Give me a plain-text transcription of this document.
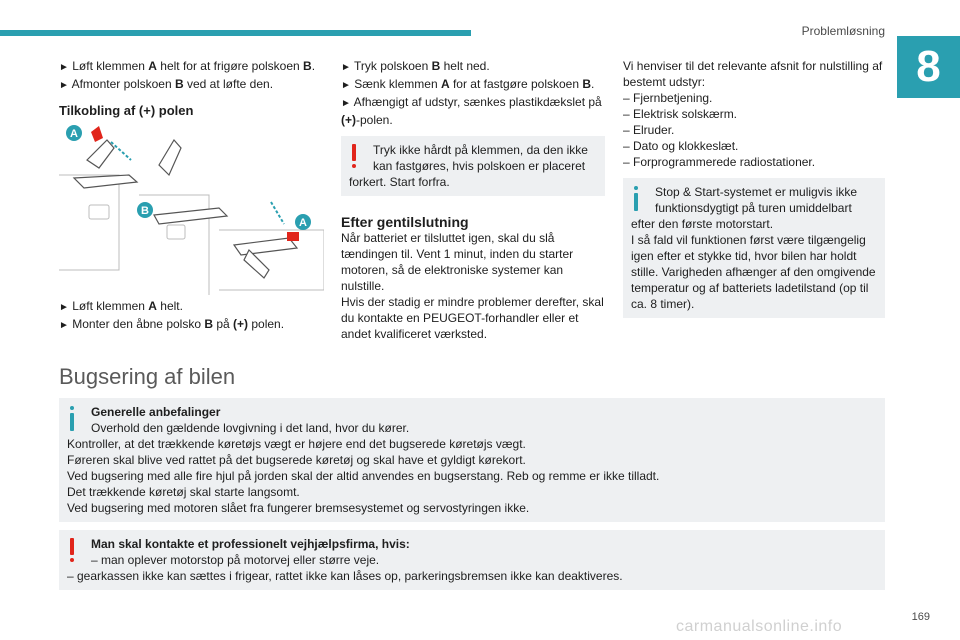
Problemløsning
8

► Løft klemmen A helt for at frigøre polskoen B.

► Afmonter polskoen B ved at løfte den.

Tilkobling af (+) polen

A
B
A

► Løft klemmen A helt.

► Monter den åbne polsko B på (+) polen.

► Tryk polskoen B helt ned.

► Sænk klemmen A for at fastgøre polskoen B.

► Afhængigt af udstyr, sænkes plastikdækslet på (+)-polen.

Tryk ikke hårdt på klemmen, da den ikke
kan fastgøres, hvis polskoen er placeret
forkert. Start forfra.

Efter gentilslutning

Når batteriet er tilsluttet igen, skal du slå tændingen til. Vent 1 minut, inden du starter motoren, så de elektroniske systemer kan nulstille.

Hvis der stadig er mindre problemer derefter, skal du kontakte en PEUGEOT-forhandler eller et andet kvalificeret værksted.

Vi henviser til det relevante afsnit for nulstilling af bestemt udstyr:

– Fjernbetjening.

– Elektrisk solskærm.

– Elruder.

– Dato og klokkeslæt.

– Forprogrammerede radiostationer.

Stop & Start-systemet er muligvis ikke
funktionsdygtigt på turen umiddelbart
efter den første motorstart.
I så fald vil funktionen først være tilgængelig igen efter et stykke tid, hvor bilen har holdt stille. Varigheden afhænger af den omgivende temperatur og af batteriets ladetilstand (op til ca. 8 timer).
Bugsering af bilen
Generelle anbefalinger
Overhold den gældende lovgivning i det land, hvor du kører.
Kontroller, at det trækkende køretøjs vægt er højere end det bugserede køretøjs vægt.
Føreren skal blive ved rattet på det bugserede køretøj og skal have et gyldigt kørekort.
Ved bugsering med alle fire hjul på jorden skal der altid anvendes en bugserstang. Reb og remme er ikke tilladt.
Det trækkende køretøj skal starte langsomt.
Ved bugsering med motoren slået fra fungerer bremsesystemet og servostyringen ikke.
Man skal kontakte et professionelt vejhjælpsfirma, hvis:
– man oplever motorstop på motorvej eller større veje.
– gearkassen ikke kan sættes i frigear, rattet ikke kan låses op, parkeringsbremsen ikke kan deaktiveres.
169
carmanualsonline.info
